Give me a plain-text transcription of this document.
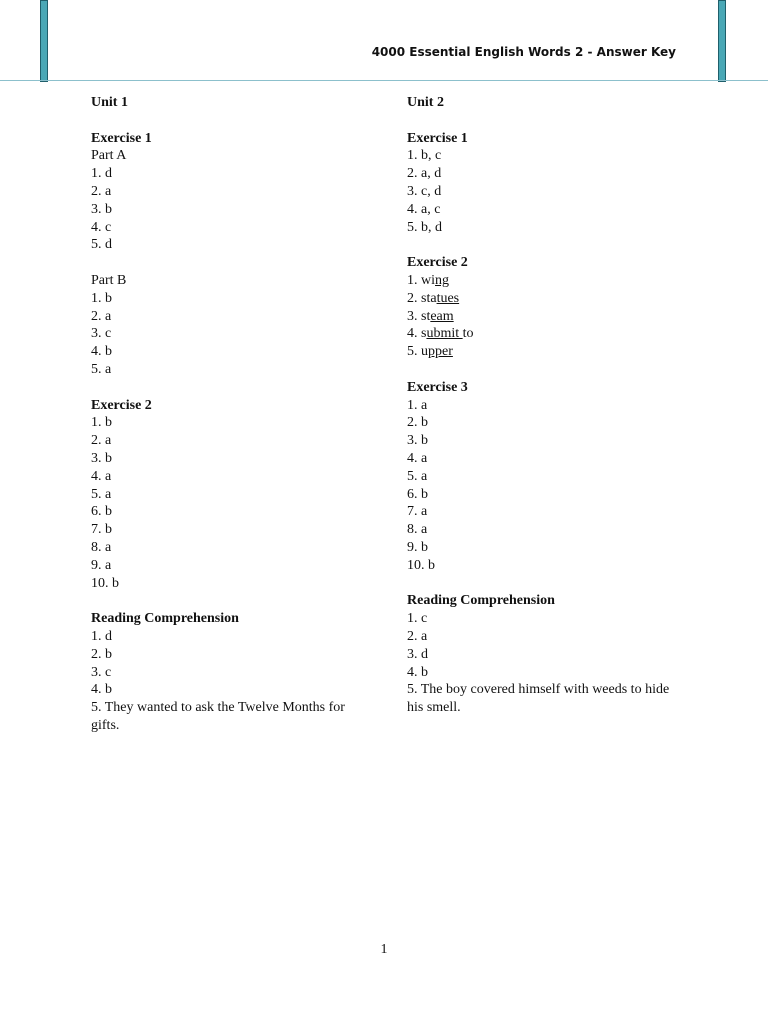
4000 Essential English Words 2 - Answer Key
Unit 1
Exercise 1
Part A
1. d
2. a
3. b
4. c
5. d
Part B
1. b
2. a
3. c
4. b
5. a
Exercise 2
1. b
2. a
3. b
4. a
5. a
6. b
7. b
8. a
9. a
10. b
Reading Comprehension
1. d
2. b
3. c
4. b
5. They wanted to ask the Twelve Months for gifts.
Unit 2
Exercise 1
1. b, c
2. a, d
3. c, d
4. a, c
5. b, d
Exercise 2
1. wing
2. statues
3. steam
4. submit to
5. upper
Exercise 3
1. a
2. b
3. b
4. a
5. a
6. b
7. a
8. a
9. b
10. b
Reading Comprehension
1. c
2. a
3. d
4. b
5. The boy covered himself with weeds to hide his smell.
1
